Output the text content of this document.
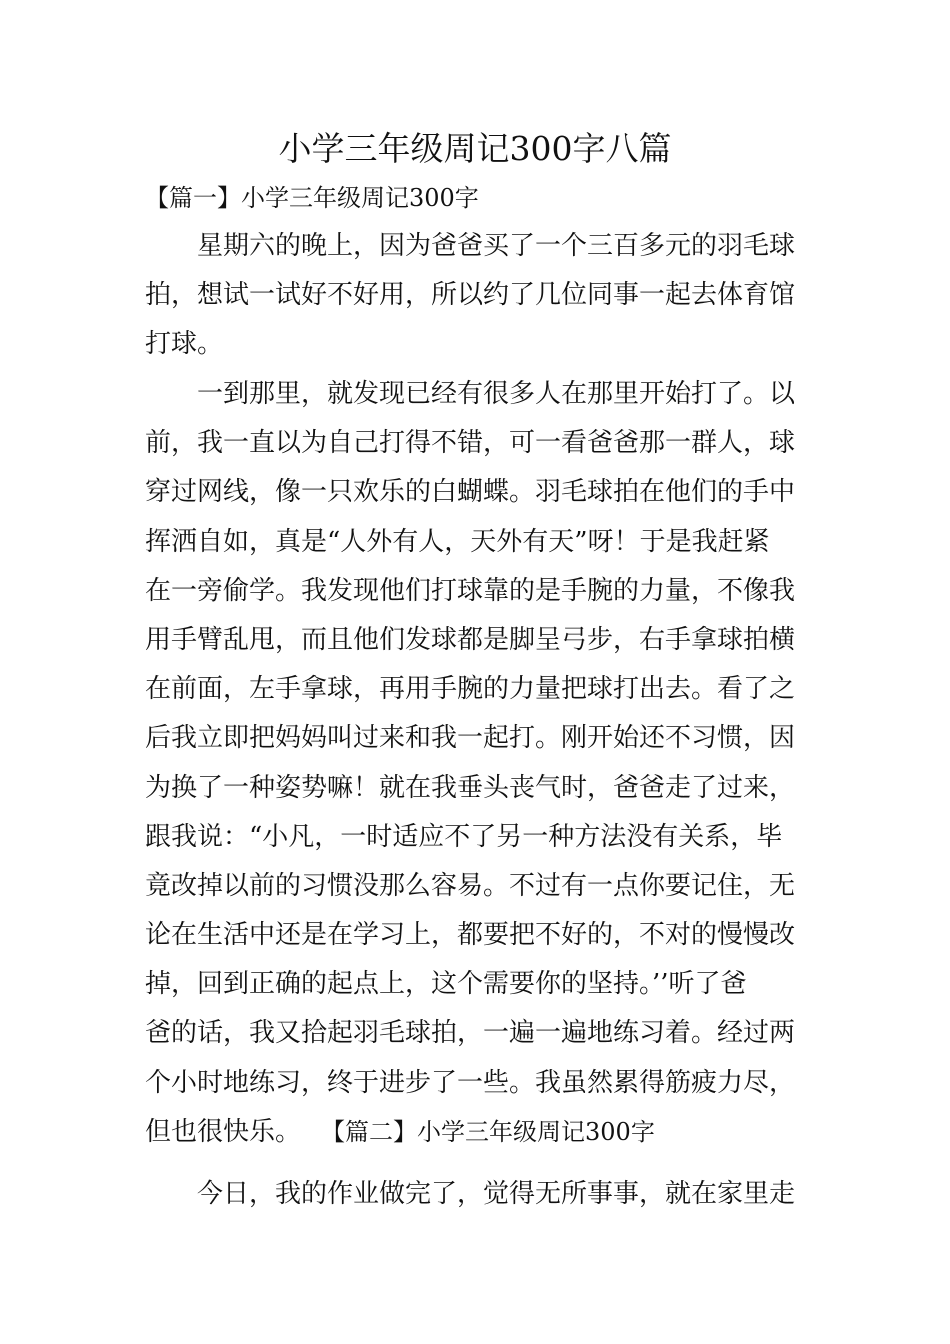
小学三年级周记300字八篇
【篇一】小学三年级周记300字
星期六的晚上，因为爸爸买了一个三百多元的羽毛球
拍，想试一试好不好用，所以约了几位同事一起去体育馆
打球。
一到那里，就发现已经有很多人在那里开始打了。以
前，我一直以为自己打得不错，可一看爸爸那一群人，球
穿过网线，像一只欢乐的白蝴蝶。羽毛球拍在他们的手中
挥洒自如，真是“人外有人，天外有天”呀！于是我赶紧
在一旁偷学。我发现他们打球靠的是手腕的力量，不像我
用手臂乱甩，而且他们发球都是脚呈弓步，右手拿球拍横
在前面，左手拿球，再用手腕的力量把球打出去。看了之
后我立即把妈妈叫过来和我一起打。刚开始还不习惯，因
为换了一种姿势嘛！就在我垂头丧气时，爸爸走了过来，
跟我说：“小凡，一时适应不了另一种方法没有关系，毕
竟改掉以前的习惯没那么容易。不过有一点你要记住，无
论在生活中还是在学习上，都要把不好的，不对的慢慢改
掉，回到正确的起点上，这个需要你的坚持。’’听了爸
爸的话，我又拾起羽毛球拍，一遍一遍地练习着。经过两
个小时地练习，终于进步了一些。我虽然累得筋疲力尽，
但也很快乐。 【篇二】小学三年级周记300字
今日，我的作业做完了，觉得无所事事，就在家里走
